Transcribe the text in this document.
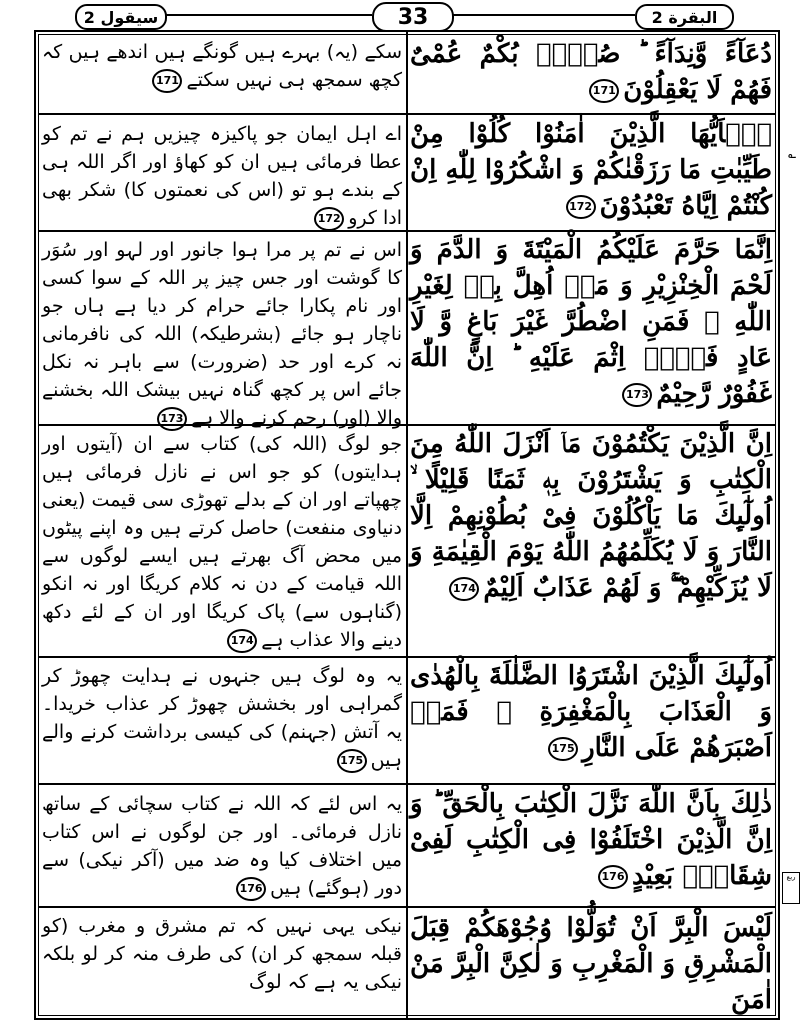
سیقول 2	33	البقرة 2
دُعَآءً وَّنِدَآءً ؕ صُمٌّۢ بُكْمٌ عُمْیٌ فَهُمْ لَا یَعْقِلُوْنَ171
یٰۤاَیُّهَا الَّذِیْنَ اٰمَنُوْا كُلُوْا مِنْ طَیِّبٰتِ مَا رَزَقْنٰكُمْ وَ اشْكُرُوْا لِلّٰهِ اِنْ كُنْتُمْ اِیَّاهُ تَعْبُدُوْنَ172
اِنَّمَا حَرَّمَ عَلَیْكُمُ الْمَیْتَةَ وَ الدَّمَ وَ لَحْمَ الْخِنْزِیْرِ وَ مَاۤ اُهِلَّ بِهٖ لِغَیْرِ اللّٰهِ ۚ فَمَنِ اضْطُرَّ غَیْرَ بَاغٍ وَّ لَا عَادٍ فَلَاۤ اِثْمَ عَلَیْهِ ؕ اِنَّ اللّٰهَ غَفُوْرٌ رَّحِیْمٌ173
اِنَّ الَّذِیْنَ یَكْتُمُوْنَ مَاۤ اَنْزَلَ اللّٰهُ مِنَ الْكِتٰبِ وَ یَشْتَرُوْنَ بِهٖ ثَمَنًا قَلِیْلًا ۙ اُولٰٓىِٕكَ مَا یَاْكُلُوْنَ فِیْ بُطُوْنِهِمْ اِلَّا النَّارَ وَ لَا یُكَلِّمُهُمُ اللّٰهُ یَوْمَ الْقِیٰمَةِ وَ لَا یُزَكِّیْهِمْ ۖۚ وَ لَهُمْ عَذَابٌ اَلِیْمٌ174
اُولٰٓىِٕكَ الَّذِیْنَ اشْتَرَوُا الضَّلٰلَةَ بِالْهُدٰى وَ الْعَذَابَ بِالْمَغْفِرَةِ ۚ فَمَاۤ اَصْبَرَهُمْ عَلَى النَّارِ175
ذٰلِكَ بِاَنَّ اللّٰهَ نَزَّلَ الْكِتٰبَ بِالْحَقِّ ؕ وَ اِنَّ الَّذِیْنَ اخْتَلَفُوْا فِی الْكِتٰبِ لَفِیْ شِقَاقٍۭ بَعِیْدٍ176
لَیْسَ الْبِرَّ اَنْ تُوَلُّوْا وُجُوْهَكُمْ قِبَلَ الْمَشْرِقِ وَ الْمَغْرِبِ وَ لٰكِنَّ الْبِرَّ مَنْ اٰمَنَ
سکے (یہ) بہرے ہیں گونگے ہیں اندھے ہیں کہ کچھ سمجھ ہی نہیں سکتے171
اے اہل ایمان جو پاکیزہ چیزیں ہم نے تم کو عطا فرمائی ہیں ان کو کھاؤ اور اگر اللہ ہی کے بندے ہو تو (اس کی نعمتوں کا) شکر بھی ادا کرو172
اس نے تم پر مرا ہوا جانور اور لہو اور سُوَر کا گوشت اور جس چیز پر اللہ کے سوا کسی اور نام پکارا جائے حرام کر دیا ہے ہاں جو ناچار ہو جائے (بشرطیکہ) اللہ کی نافرمانی نہ کرے اور حد (ضرورت) سے باہر نہ نکل جائے اس پر کچھ گناہ نہیں بیشک اللہ بخشنے والا (اور) رحم کرنے والا ہے173
جو لوگ (اللہ کی) کتاب سے ان (آیتوں اور ہدایتوں) کو جو اس نے نازل فرمائی ہیں چھپاتے اور ان کے بدلے تھوڑی سی قیمت (یعنی دنیاوی منفعت) حاصل کرتے ہیں وہ اپنے پیٹوں میں محض آگ بھرتے ہیں ایسے لوگوں سے اللہ قیامت کے دن نہ کلام کریگا اور نہ انکو (گناہوں سے) پاک کریگا اور ان کے لئے دکھ دینے والا عذاب ہے174
یہ وہ لوگ ہیں جنہوں نے ہدایت چھوڑ کر گمراہی اور بخشش چھوڑ کر عذاب خریدا۔ یہ آتش (جہنم) کی کیسی برداشت کرنے والے ہیں175
یہ اس لئے کہ اللہ نے کتاب سچائی کے ساتھ نازل فرمائی۔ اور جن لوگوں نے اس کتاب میں اختلاف کیا وہ ضد میں (آکر نیکی) سے دور (ہوگئے) ہیں176
نیکی یہی نہیں کہ تم مشرق و مغرب (کو قبلہ سمجھ کر ان) کی طرف منہ کر لو بلکہ نیکی یہ ہے کہ لوگ
ربع
؎
